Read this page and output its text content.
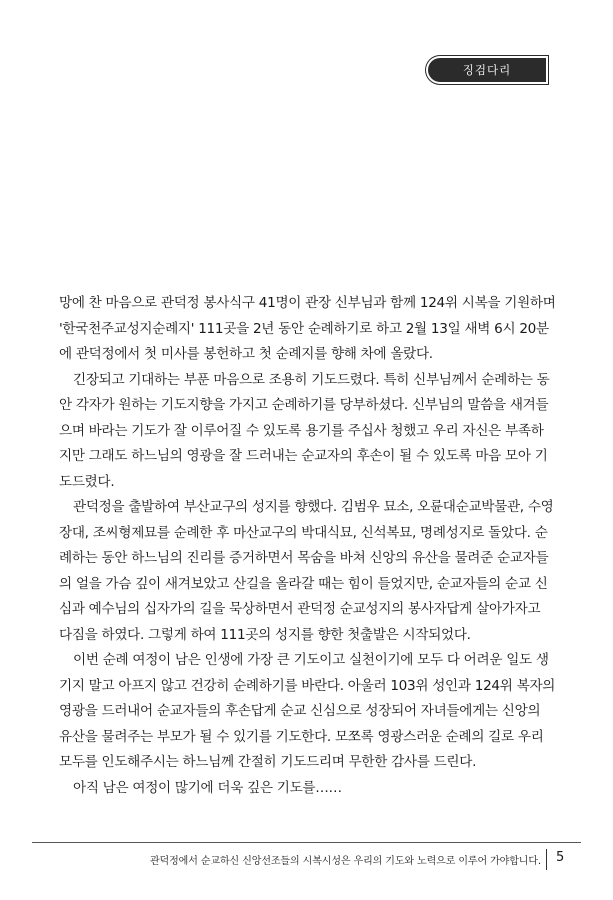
징검다리

망에 찬 마음으로 관덕정 봉사식구 41명이 관장 신부님과 함께 124위 시복을 기원하며 '한국천주교성지순례지' 111곳을 2년 동안 순례하기로 하고 2월 13일 새벽 6시 20분에 관덕정에서 첫 미사를 봉헌하고 첫 순례지를 향해 차에 올랐다.

긴장되고 기대하는 부푼 마음으로 조용히 기도드렸다. 특히 신부님께서 순례하는 동안 각자가 원하는 기도지향을 가지고 순례하기를 당부하셨다. 신부님의 말씀을 새겨들으며 바라는 기도가 잘 이루어질 수 있도록 용기를 주십사 청했고 우리 자신은 부족하지만 그래도 하느님의 영광을 잘 드러내는 순교자의 후손이 될 수 있도록 마음 모아 기도드렸다.

관덕정을 출발하여 부산교구의 성지를 향했다. 김범우 묘소, 오륜대순교박물관, 수영장대, 조씨형제묘를 순례한 후 마산교구의 박대식묘, 신석복묘, 명례성지로 돌았다. 순례하는 동안 하느님의 진리를 증거하면서 목숨을 바쳐 신앙의 유산을 물려준 순교자들의 얼을 가슴 깊이 새겨보았고 산길을 올라갈 때는 힘이 들었지만, 순교자들의 순교 신심과 예수님의 십자가의 길을 묵상하면서 관덕정 순교성지의 봉사자답게 살아가자고 다짐을 하였다. 그렇게 하여 111곳의 성지를 향한 첫출발은 시작되었다.

이번 순례 여정이 남은 인생에 가장 큰 기도이고 실천이기에 모두 다 어려운 일도 생기지 말고 아프지 않고 건강히 순례하기를 바란다. 아울러 103위 성인과 124위 복자의 영광을 드러내어 순교자들의 후손답게 순교 신심으로 성장되어 자녀들에게는 신앙의 유산을 물려주는 부모가 될 수 있기를 기도한다. 모쪼록 영광스러운 순례의 길로 우리 모두를 인도해주시는 하느님께 간절히 기도드리며 무한한 감사를 드린다.

아직 남은 여정이 많기에 더욱 깊은 기도를……

관덕정에서 순교하신 신앙선조들의 시복시성은 우리의 기도와 노력으로 이루어 가야합니다. 5
